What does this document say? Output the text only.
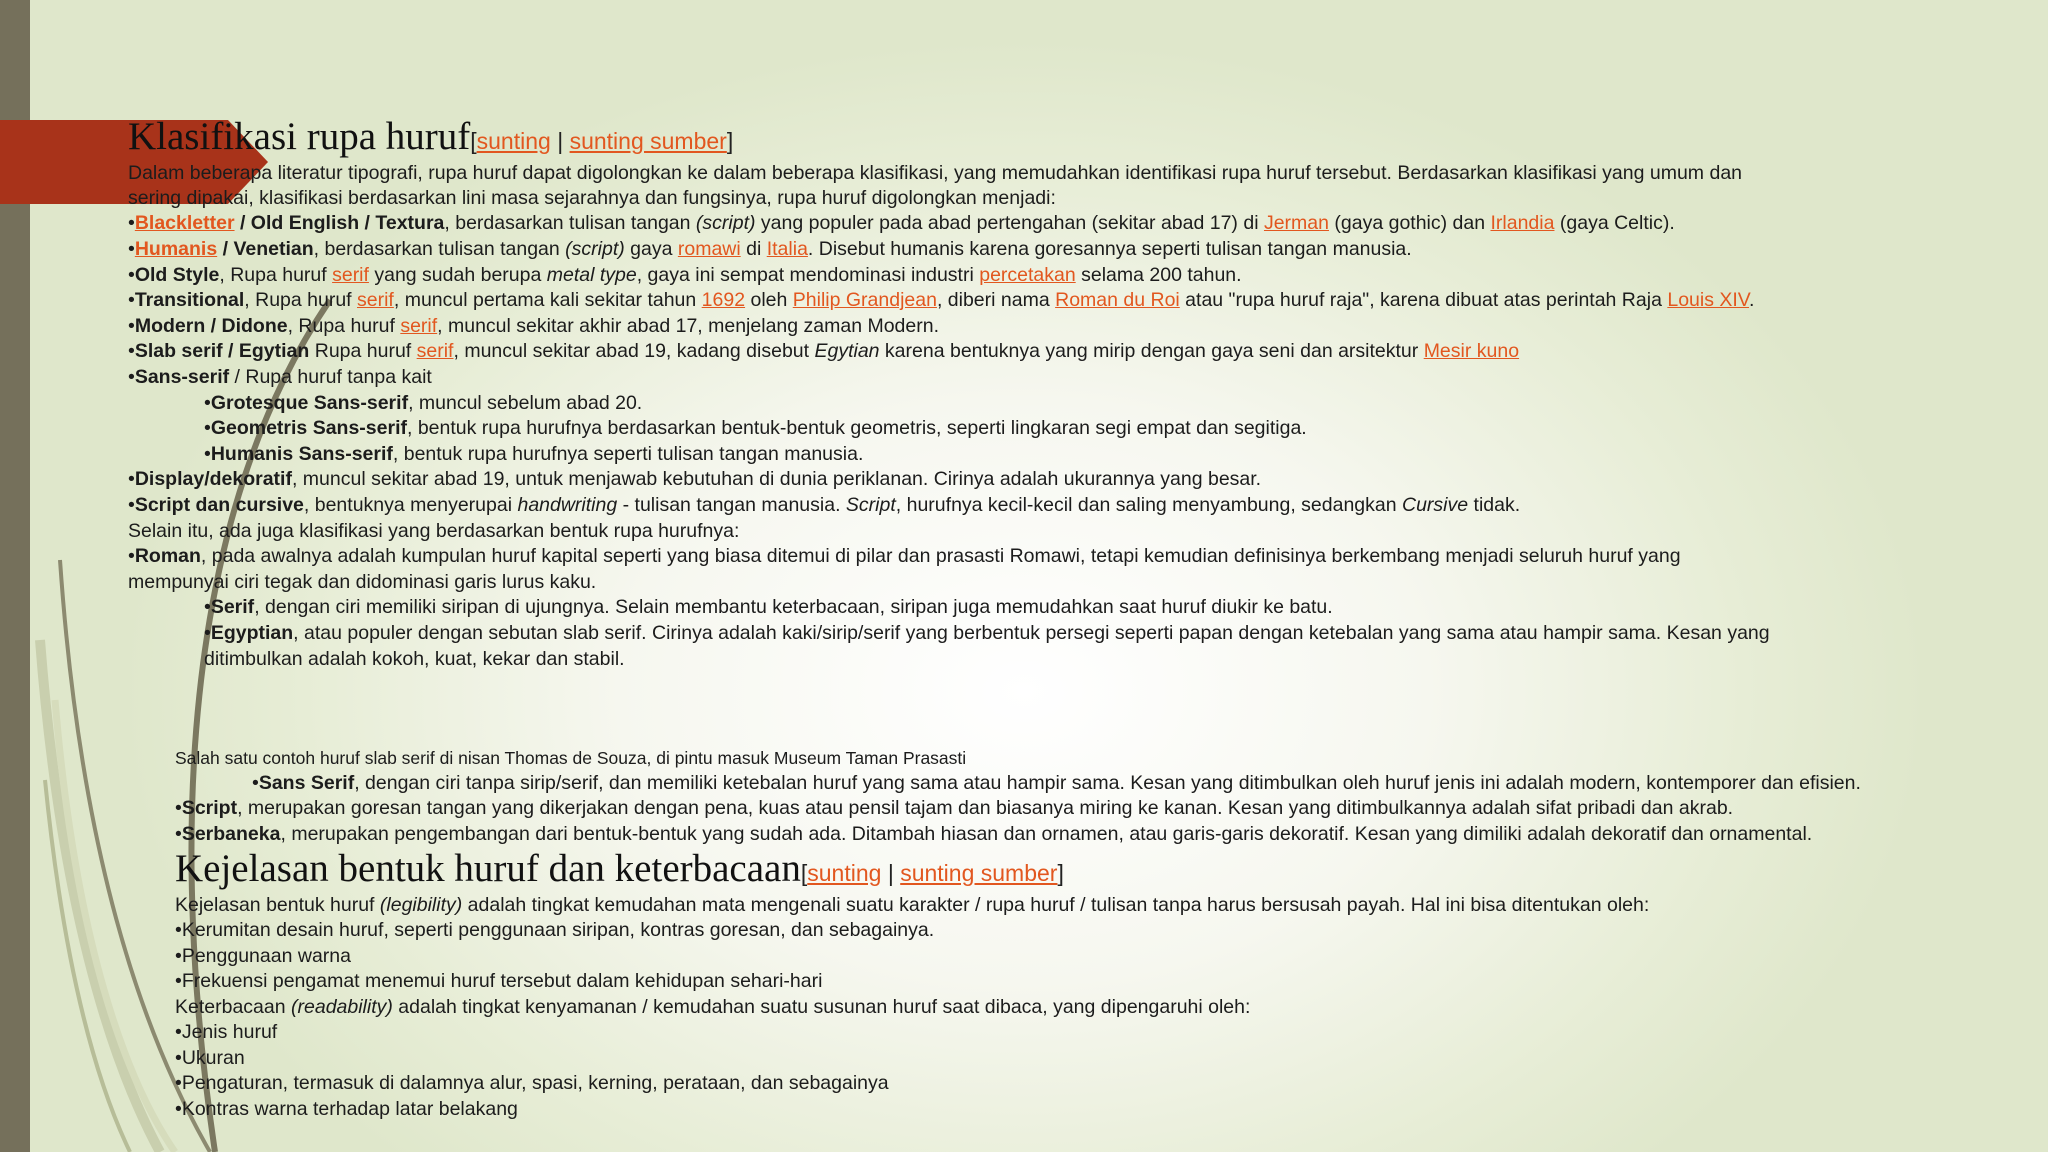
Klasifikasi rupa huruf[sunting | sunting sumber]
Dalam beberapa literatur tipografi, rupa huruf dapat digolongkan ke dalam beberapa klasifikasi, yang memudahkan identifikasi rupa huruf tersebut. Berdasarkan klasifikasi yang umum dan
sering dipakai, klasifikasi berdasarkan lini masa sejarahnya dan fungsinya, rupa huruf digolongkan menjadi:
•Blackletter / Old English / Textura, berdasarkan tulisan tangan (script) yang populer pada abad pertengahan (sekitar abad 17) di Jerman (gaya gothic) dan Irlandia (gaya Celtic).
•Humanis / Venetian, berdasarkan tulisan tangan (script) gaya romawi di Italia. Disebut humanis karena goresannya seperti tulisan tangan manusia.
•Old Style, Rupa huruf serif yang sudah berupa metal type, gaya ini sempat mendominasi industri percetakan selama 200 tahun.
•Transitional, Rupa huruf serif, muncul pertama kali sekitar tahun 1692 oleh Philip Grandjean, diberi nama Roman du Roi atau "rupa huruf raja", karena dibuat atas perintah Raja Louis XIV.
•Modern / Didone, Rupa huruf serif, muncul sekitar akhir abad 17, menjelang zaman Modern.
•Slab serif / Egytian Rupa huruf serif, muncul sekitar abad 19, kadang disebut Egytian karena bentuknya yang mirip dengan gaya seni dan arsitektur Mesir kuno
•Sans-serif / Rupa huruf tanpa kait
•Grotesque Sans-serif, muncul sebelum abad 20.
•Geometris Sans-serif, bentuk rupa hurufnya berdasarkan bentuk-bentuk geometris, seperti lingkaran segi empat dan segitiga.
•Humanis Sans-serif, bentuk rupa hurufnya seperti tulisan tangan manusia.
•Display/dekoratif, muncul sekitar abad 19, untuk menjawab kebutuhan di dunia periklanan. Cirinya adalah ukurannya yang besar.
•Script dan cursive, bentuknya menyerupai handwriting - tulisan tangan manusia. Script, hurufnya kecil-kecil dan saling menyambung, sedangkan Cursive tidak.
Selain itu, ada juga klasifikasi yang berdasarkan bentuk rupa hurufnya:
•Roman, pada awalnya adalah kumpulan huruf kapital seperti yang biasa ditemui di pilar dan prasasti Romawi, tetapi kemudian definisinya berkembang menjadi seluruh huruf yang
mempunyai ciri tegak dan didominasi garis lurus kaku.
•Serif, dengan ciri memiliki siripan di ujungnya. Selain membantu keterbacaan, siripan juga memudahkan saat huruf diukir ke batu.
•Egyptian, atau populer dengan sebutan slab serif. Cirinya adalah kaki/sirip/serif yang berbentuk persegi seperti papan dengan ketebalan yang sama atau hampir sama. Kesan yang
ditimbulkan adalah kokoh, kuat, kekar dan stabil.
Salah satu contoh huruf slab serif di nisan Thomas de Souza, di pintu masuk Museum Taman Prasasti
•Sans Serif, dengan ciri tanpa sirip/serif, dan memiliki ketebalan huruf yang sama atau hampir sama. Kesan yang ditimbulkan oleh huruf jenis ini adalah modern, kontemporer dan efisien.
•Script, merupakan goresan tangan yang dikerjakan dengan pena, kuas atau pensil tajam dan biasanya miring ke kanan. Kesan yang ditimbulkannya adalah sifat pribadi dan akrab.
•Serbaneka, merupakan pengembangan dari bentuk-bentuk yang sudah ada. Ditambah hiasan dan ornamen, atau garis-garis dekoratif. Kesan yang dimiliki adalah dekoratif dan ornamental.
Kejelasan bentuk huruf dan keterbacaan[sunting | sunting sumber]
Kejelasan bentuk huruf (legibility) adalah tingkat kemudahan mata mengenali suatu karakter / rupa huruf / tulisan tanpa harus bersusah payah. Hal ini bisa ditentukan oleh:
•Kerumitan desain huruf, seperti penggunaan siripan, kontras goresan, dan sebagainya.
•Penggunaan warna
•Frekuensi pengamat menemui huruf tersebut dalam kehidupan sehari-hari
Keterbacaan (readability) adalah tingkat kenyamanan / kemudahan suatu susunan huruf saat dibaca, yang dipengaruhi oleh:
•Jenis huruf
•Ukuran
•Pengaturan, termasuk di dalamnya alur, spasi, kerning, perataan, dan sebagainya
•Kontras warna terhadap latar belakang
